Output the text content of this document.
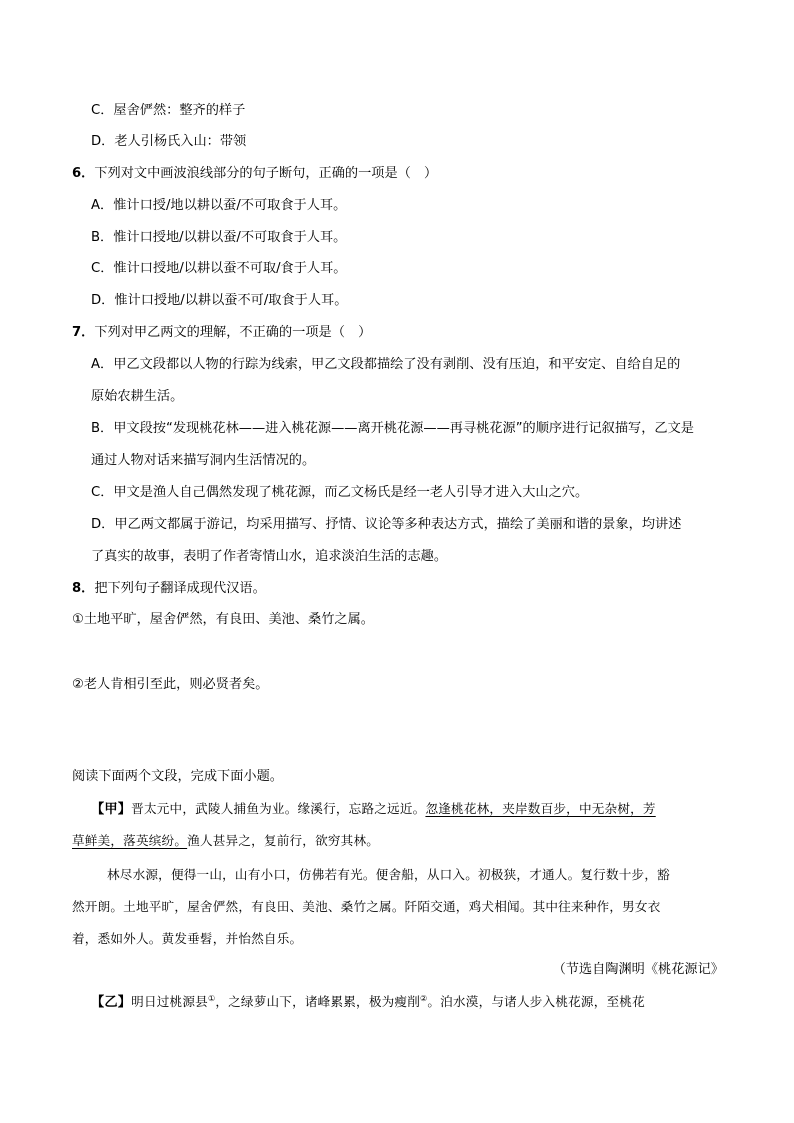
C．屋舍俨然：整齐的样子
D．老人引杨氏入山：带领
6．下列对文中画波浪线部分的句子断句，正确的一项是（　）
A．惟计口授/地以耕以蚕/不可取食于人耳。
B．惟计口授地/以耕以蚕/不可取食于人耳。
C．惟计口授地/以耕以蚕不可取/食于人耳。
D．惟计口授地/以耕以蚕不可/取食于人耳。
7．下列对甲乙两文的理解，不正确的一项是（　）
A．甲乙文段都以人物的行踪为线索，甲乙文段都描绘了没有剥削、没有压迫，和平安定、自给自足的
原始农耕生活。
B．甲文段按“发现桃花林——进入桃花源——离开桃花源——再寻桃花源”的顺序进行记叙描写，乙文是
通过人物对话来描写洞内生活情况的。
C．甲文是渔人自己偶然发现了桃花源，而乙文杨氏是经一老人引导才进入大山之穴。
D．甲乙两文都属于游记，均采用描写、抒情、议论等多种表达方式，描绘了美丽和谐的景象，均讲述
了真实的故事，表明了作者寄情山水，追求淡泊生活的志趣。
8．把下列句子翻译成现代汉语。
①土地平旷，屋舍俨然，有良田、美池、桑竹之属。
②老人肯相引至此，则必贤者矣。
阅读下面两个文段，完成下面小题。
【甲】晋太元中，武陵人捕鱼为业。缘溪行，忘路之远近。忽逢桃花林，夹岸数百步，中无杂树，芳
草鲜美，落英缤纷。渔人甚异之，复前行，欲穷其林。
林尽水源，便得一山，山有小口，仿佛若有光。便舍船，从口入。初极狭，才通人。复行数十步，豁
然开朗。土地平旷，屋舍俨然，有良田、美池、桑竹之属。阡陌交通，鸡犬相闻。其中往来种作，男女衣
着，悉如外人。黄发垂髫，并怡然自乐。
（节选自陶渊明《桃花源记》
【乙】明日过桃源县①，之绿萝山下，诸峰累累，极为瘦削②。泊水漠，与诸人步入桃花源，至桃花
